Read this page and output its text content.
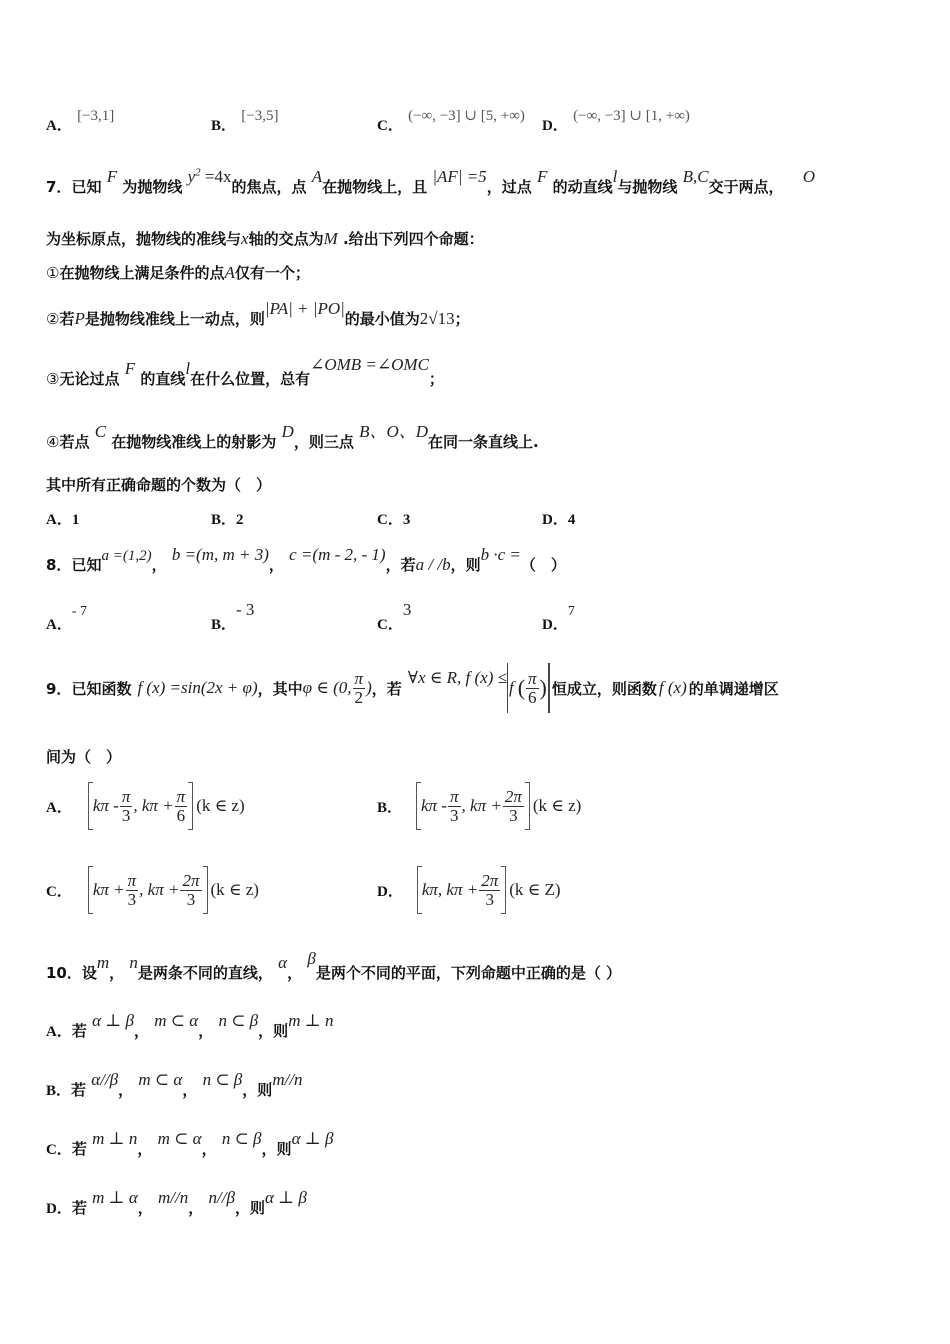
A． [−3,1]
B． [−3,5]
C． (−∞, −3] ∪ [5, +∞)
D． (−∞, −3] ∪ [1, +∞)
7．已知 F 为抛物线 $y^2 =4x$的焦点，点 A在抛物线上，且 |AF| =5，过点 F 的动直线l与抛物线 B,C交于两点， O
为坐标原点，抛物线的准线与x轴的交点为M .给出下列四个命题：
①在抛物线上满足条件的点A仅有一个；
②若P是抛物线准线上一动点，则|PA| + |PO|的最小值为2√13；
③无论过点 F 的直线l在什么位置，总有∠OMB =∠OMC；
④若点 C 在抛物线准线上的射影为 D，则三点 B、O、D在同一条直线上.
其中所有正确命题的个数为（　）
A．1	B．2	C．3	D．4
8．已知a =(1,2)， b =(m, m + 3)， c =(m - 2, - 1)，若a / /b，则b ·c =（　）
A．- 7
B．- 3
C．3
D．7
9． 已知函数 f (x) =sin(2x + φ) ，其中 φ ∈ (0, $\frac{\pi}{2}$ ) ，若
∀x ∈ R, f (x) ≤
f ( $\frac{\pi}{6}$ ) 恒成立，则函数 f (x) 的单调递增区
间为（　）
A． kπ - $\frac{\pi}{3}$ , $k\pi + \frac{\pi}{6} (k$ ∈ z)	B． kπ - $\frac{\pi}{3}$ , $k\pi + \frac{2\pi}{3} (k$ ∈ z)
C． $k\pi + \frac{\pi}{3}$ , $k\pi + \frac{2\pi}{3} (k$ ∈ z)	D． kπ, $k\pi + \frac{2\pi}{3} (k$ ∈ Z)
10．设m， n是两条不同的直线， α， β是两个不同的平面，下列命题中正确的是（ ）
A．若 α ⊥ β， m ⊂ α， n ⊂ β，则m ⊥ n
B．若 α//β， m ⊂ α， n ⊂ β，则m//n
C．若 m ⊥ n， m ⊂ α， n ⊂ β，则α ⊥ β
D．若 m ⊥ α， m//n， n//β，则α ⊥ β
